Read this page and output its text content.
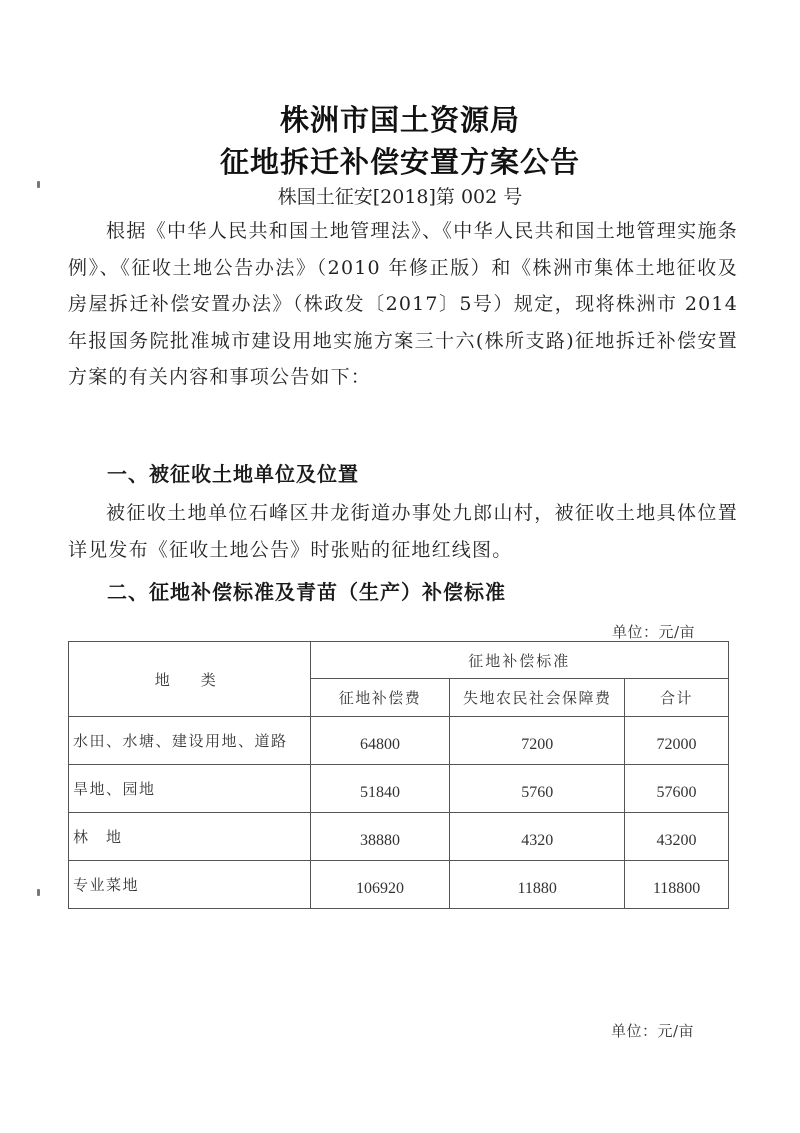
株洲市国土资源局
征地拆迁补偿安置方案公告
株国土征安[2018]第 002 号
根据《中华人民共和国土地管理法》、《中华人民共和国土地管理实施条例》、《征收土地公告办法》（2010 年修正版）和《株洲市集体土地征收及房屋拆迁补偿安置办法》（株政发〔2017〕5号）规定，现将株洲市 2014 年报国务院批准城市建设用地实施方案三十六(株所支路)征地拆迁补偿安置方案的有关内容和事项公告如下：
一、被征收土地单位及位置
被征收土地单位石峰区井龙街道办事处九郎山村，被征收土地具体位置详见发布《征收土地公告》时张贴的征地红线图。
二、征地补偿标准及青苗（生产）补偿标准
单位：元/亩
地　类	征地补偿标准		
	征地补偿费	失地农民社会保障费	合计
水田、水塘、建设用地、道路	64800	7200	72000
旱地、园地	51840	5760	57600
林　地	38880	4320	43200
专业菜地	106920	11880	118800
单位：元/亩
